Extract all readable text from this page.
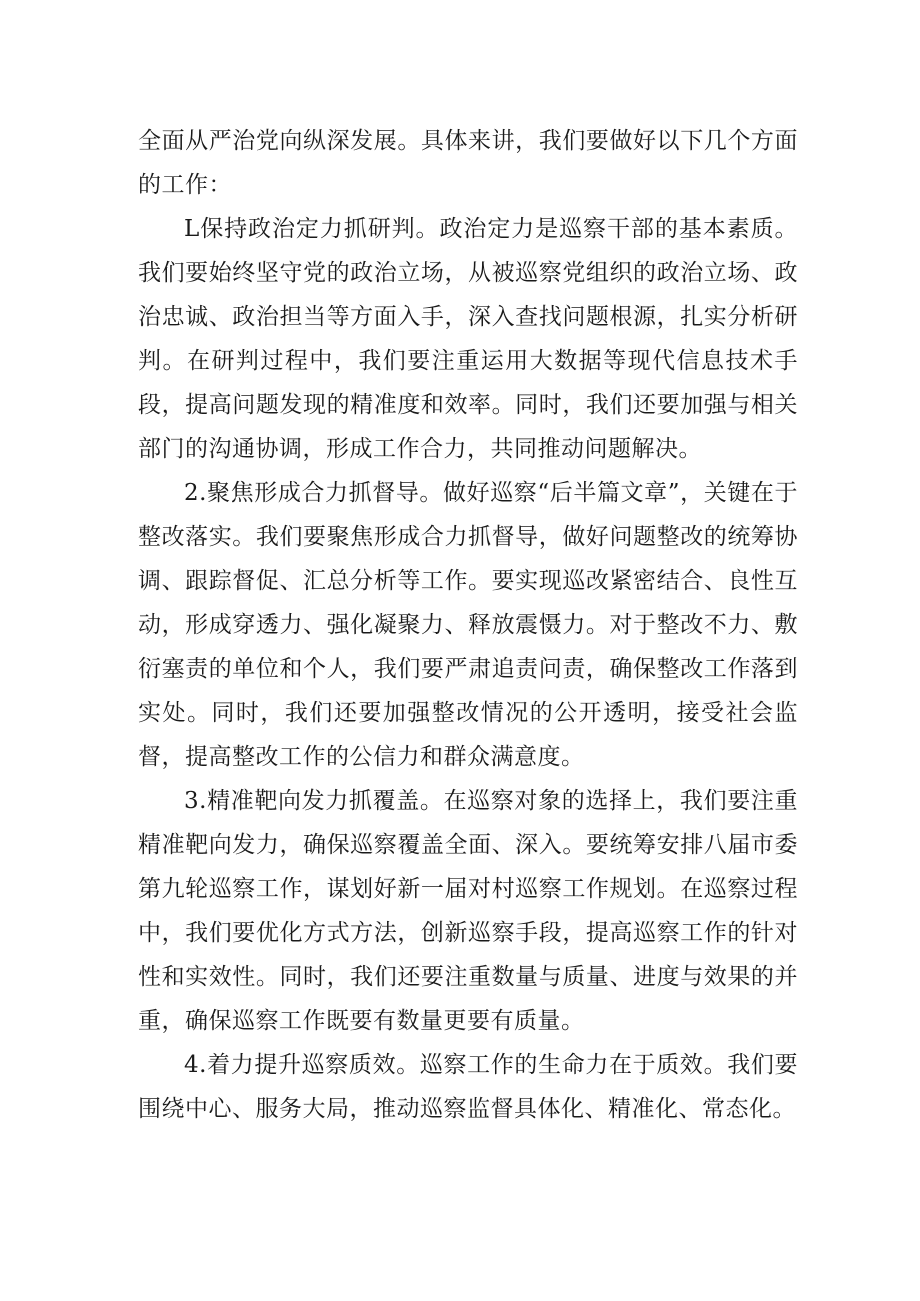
全面从严治党向纵深发展。具体来讲，我们要做好以下几个方面的工作：

L保持政治定力抓研判。政治定力是巡察干部的基本素质。我们要始终坚守党的政治立场，从被巡察党组织的政治立场、政治忠诚、政治担当等方面入手，深入查找问题根源，扎实分析研判。在研判过程中，我们要注重运用大数据等现代信息技术手段，提高问题发现的精准度和效率。同时，我们还要加强与相关部门的沟通协调，形成工作合力，共同推动问题解决。

2.聚焦形成合力抓督导。做好巡察“后半篇文章”，关键在于整改落实。我们要聚焦形成合力抓督导，做好问题整改的统筹协调、跟踪督促、汇总分析等工作。要实现巡改紧密结合、良性互动，形成穿透力、强化凝聚力、释放震慑力。对于整改不力、敷衍塞责的单位和个人，我们要严肃追责问责，确保整改工作落到实处。同时，我们还要加强整改情况的公开透明，接受社会监督，提高整改工作的公信力和群众满意度。

3.精准靶向发力抓覆盖。在巡察对象的选择上，我们要注重精准靶向发力，确保巡察覆盖全面、深入。要统筹安排八届市委第九轮巡察工作，谋划好新一届对村巡察工作规划。在巡察过程中，我们要优化方式方法，创新巡察手段，提高巡察工作的针对性和实效性。同时，我们还要注重数量与质量、进度与效果的并重，确保巡察工作既要有数量更要有质量。

4.着力提升巡察质效。巡察工作的生命力在于质效。我们要围绕中心、服务大局，推动巡察监督具体化、精准化、常态化。
